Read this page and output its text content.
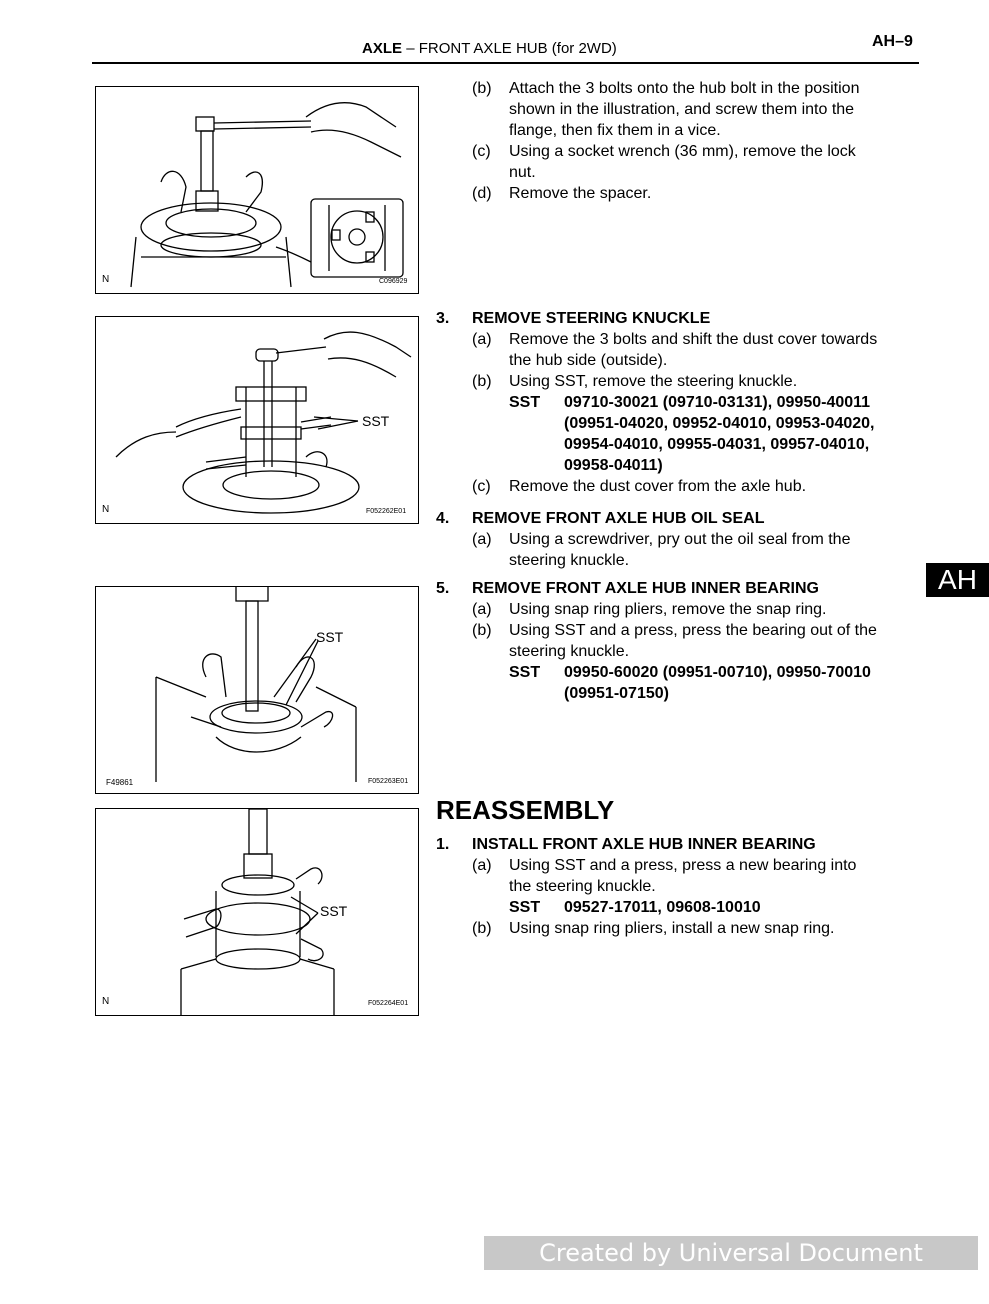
AXLE – FRONT AXLE HUB (for 2WD)	AH–9
AH
N	C096929
SST
N	F052262E01
SST
F49861	F052263E01
SST
N	F052264E01
(b) Attach the 3 bolts onto the hub bolt in the position
shown in the illustration, and screw them into the
flange, then fix them in a vice.
(c) Using a socket wrench (36 mm), remove the lock
nut.
(d) Remove the spacer.
3. REMOVE STEERING KNUCKLE
(a) Remove the 3 bolts and shift the dust cover towards
the hub side (outside).
(b) Using SST, remove the steering knuckle.
SST 09710-30021 (09710-03131), 09950-40011
(09951-04020, 09952-04010, 09953-04020,
09954-04010, 09955-04031, 09957-04010,
09958-04011)
(c) Remove the dust cover from the axle hub.
4. REMOVE FRONT AXLE HUB OIL SEAL
(a) Using a screwdriver, pry out the oil seal from the
steering knuckle.
5. REMOVE FRONT AXLE HUB INNER BEARING
(a) Using snap ring pliers, remove the snap ring.
(b) Using SST and a press, press the bearing out of the
steering knuckle.
SST 09950-60020 (09951-00710), 09950-70010
(09951-07150)
REASSEMBLY
1. INSTALL FRONT AXLE HUB INNER BEARING
(a) Using SST and a press, press a new bearing into
the steering knuckle.
SST 09527-17011, 09608-10010
(b) Using snap ring pliers, install a new snap ring.
Created by Universal Document Converter
